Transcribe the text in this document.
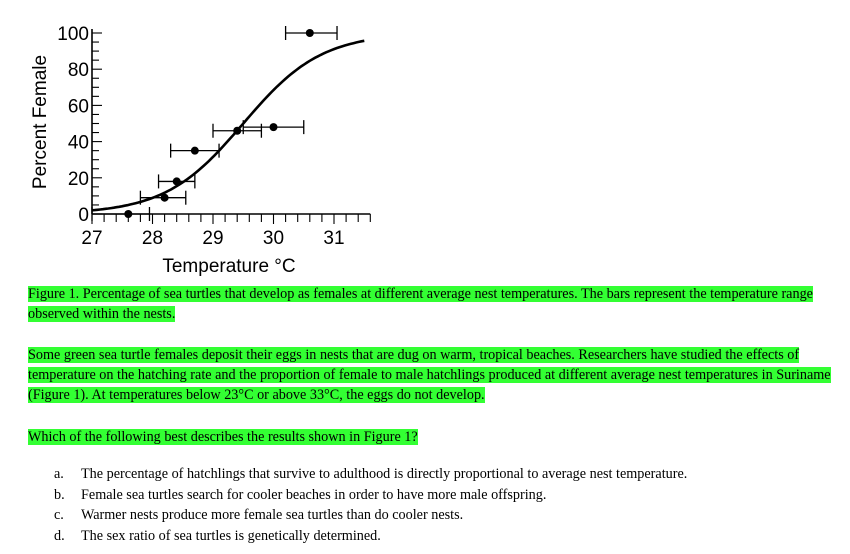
27 28 29 30 31
0
20
40
60
80
100
Percent Female
Temperature °C
Figure 1. Percentage of sea turtles that develop as females at different average nest temperatures. The bars represent the temperature range observed within the nests.
Some green sea turtle females deposit their eggs in nests that are dug on warm, tropical beaches. Researchers have studied the effects of temperature on the hatching rate and the proportion of female to male hatchlings produced at different average nest temperatures in Suriname (Figure 1). At temperatures below 23°C or above 33°C, the eggs do not develop.
Which of the following best describes the results shown in Figure 1?
a.	The percentage of hatchlings that survive to adulthood is directly proportional to average nest temperature.
b.	Female sea turtles search for cooler beaches in order to have more male offspring.
c.	Warmer nests produce more female sea turtles than do cooler nests.
d.	The sex ratio of sea turtles is genetically determined.
